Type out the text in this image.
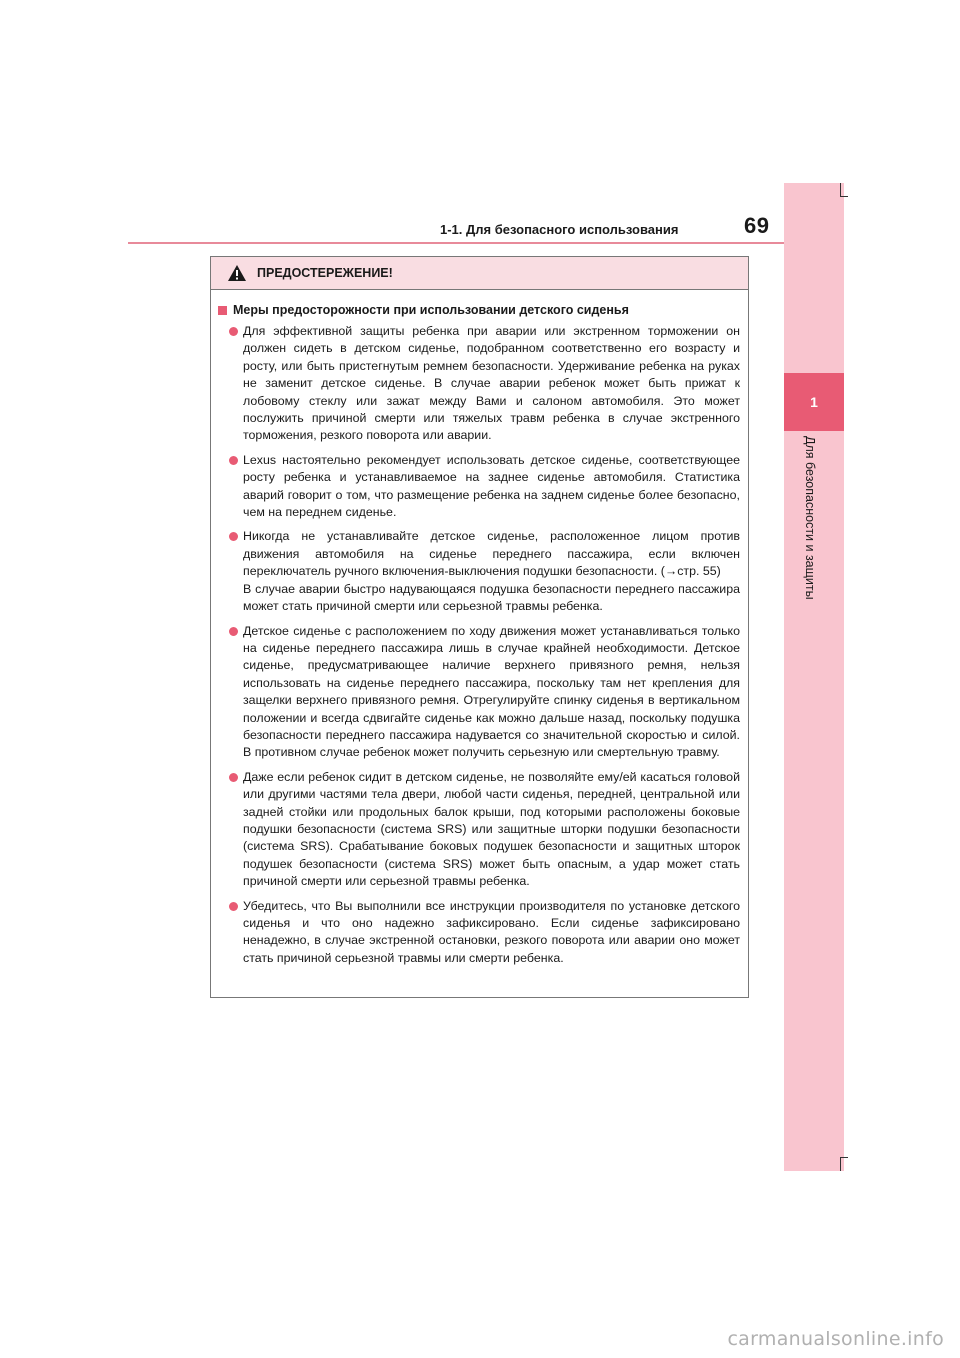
1
Для безопасности и защиты
1-1. Для безопасного использования	69
ПРЕДОСТЕРЕЖЕНИЕ!
Меры предосторожности при использовании детского сиденья
Для эффективной защиты ребенка при аварии или экстренном торможении он должен сидеть в детском сиденье, подобранном соответственно его возрасту и росту, или быть пристегнутым ремнем безопасности. Удерживание ребенка на руках не заменит детское сиденье. В случае аварии ребенок может быть прижат к лобовому стеклу или зажат между Вами и салоном автомобиля. Это может послужить причиной смерти или тяжелых травм ребенка в случае экстренного торможения, резкого поворота или аварии.
Lexus настоятельно рекомендует использовать детское сиденье, соответствующее росту ребенка и устанавливаемое на заднее сиденье автомобиля. Статистика аварий говорит о том, что размещение ребенка на заднем сиденье более безопасно, чем на переднем сиденье.
Никогда не устанавливайте детское сиденье, расположенное лицом против движения автомобиля на сиденье переднего пассажира, если включен переключатель ручного включения-выключения подушки безопасности. (→стр. 55)
В случае аварии быстро надувающаяся подушка безопасности переднего пассажира может стать причиной смерти или серьезной травмы ребенка.
Детское сиденье с расположением по ходу движения может устанавливаться только на сиденье переднего пассажира лишь в случае крайней необходимости. Детское сиденье, предусматривающее наличие верхнего привязного ремня, нельзя использовать на сиденье переднего пассажира, поскольку там нет крепления для защелки верхнего привязного ремня. Отрегулируйте спинку сиденья в вертикальном положении и всегда сдвигайте сиденье как можно дальше назад, поскольку подушка безопасности переднего пассажира надувается со значительной скоростью и силой. В противном случае ребенок может получить серьезную или смертельную травму.
Даже если ребенок сидит в детском сиденье, не позволяйте ему/ей касаться головой или другими частями тела двери, любой части сиденья, передней, центральной или задней стойки или продольных балок крыши, под которыми расположены боковые подушки безопасности (система SRS) или защитные шторки подушки безопасности (система SRS). Срабатывание боковых подушек безопасности и защитных шторок подушек безопасности (система SRS) может быть опасным, а удар может стать причиной смерти или серьезной травмы ребенка.
Убедитесь, что Вы выполнили все инструкции производителя по установке детского сиденья и что оно надежно зафиксировано. Если сиденье зафиксировано ненадежно, в случае экстренной остановки, резкого поворота или аварии оно может стать причиной серьезной травмы или смерти ребенка.
carmanualsonline.info
